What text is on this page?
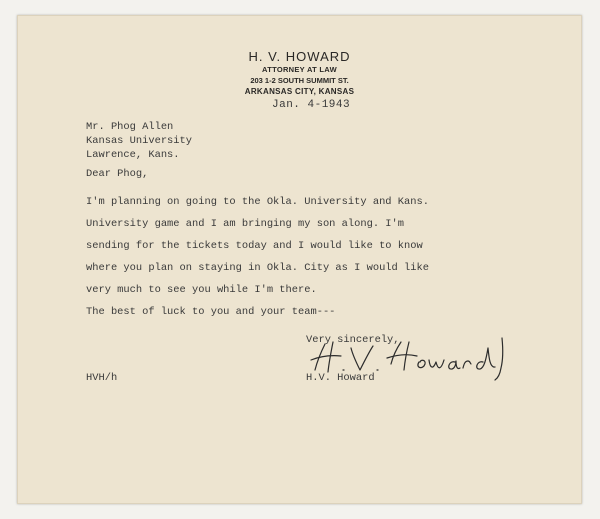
H. V. HOWARD
ATTORNEY AT LAW
203 1-2 SOUTH SUMMIT ST.
ARKANSAS CITY, KANSAS
Jan. 4-1943
Mr. Phog Allen
Kansas University
Lawrence, Kans.
Dear Phog,
I'm planning on going to the Okla. University and Kans.
University game and I am bringing my son along. I'm
sending for the tickets today and I would like to know
where you plan on staying in Okla. City as I would like
very much to see you while I'm there.
The best of luck to you and your team---
Very sincerely,
HVH/h	H.V. Howard
